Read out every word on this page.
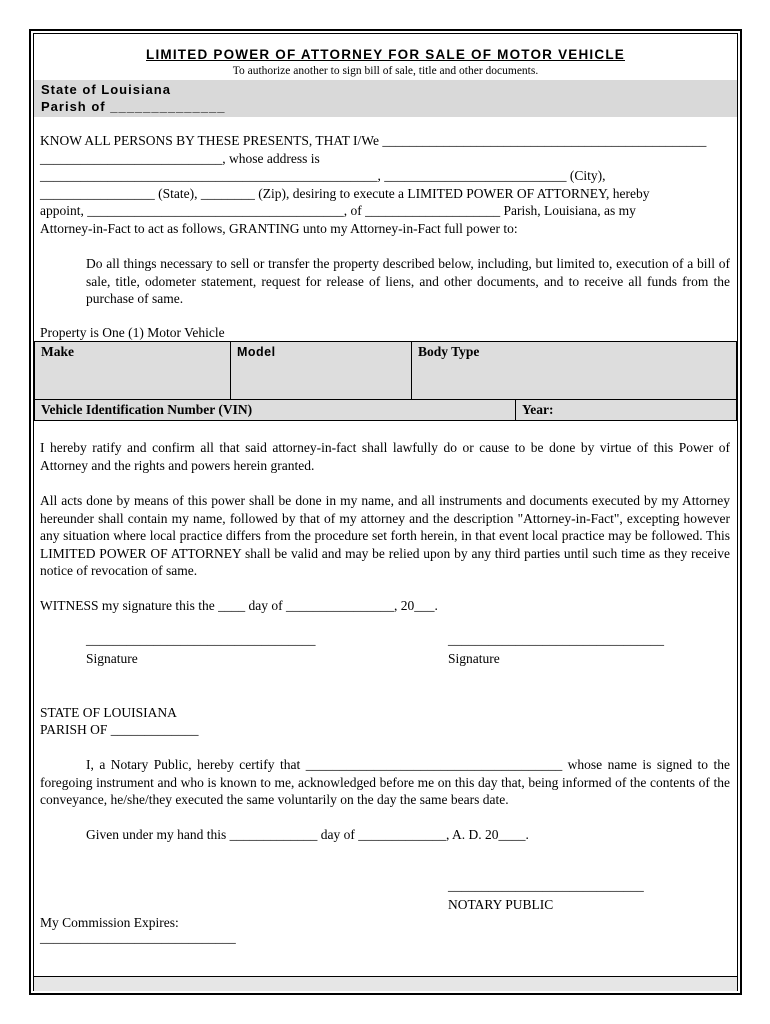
LIMITED POWER OF ATTORNEY FOR SALE OF MOTOR VEHICLE
To authorize another to sign bill of sale, title and other documents.
State of Louisiana
Parish of ______________
KNOW ALL PERSONS BY THESE PRESENTS, THAT I/We ________________________________________________
___________________________, whose address is
__________________________________________________, ___________________________ (City),
_________________ (State), ________ (Zip), desiring to execute a LIMITED POWER OF ATTORNEY, hereby
appoint, ______________________________________, of ____________________ Parish, Louisiana, as my
Attorney-in-Fact to act as follows, GRANTING unto my Attorney-in-Fact full power to:
Do all things necessary to sell or transfer the property described below, including, but limited to, execution of a bill of sale, title, odometer statement, request for release of liens, and other documents, and to receive all funds from the purchase of same.
Property is One (1) Motor Vehicle
Make	Model	Body Type	
Vehicle Identification Number (VIN)			Year:
I hereby ratify and confirm all that said attorney-in-fact shall lawfully do or cause to be done by virtue of this Power of Attorney and the rights and powers herein granted.
All acts done by means of this power shall be done in my name, and all instruments and documents executed by my Attorney hereunder shall contain my name, followed by that of my attorney and the description "Attorney-in-Fact", excepting however any situation where local practice differs from the procedure set forth herein, in that event local practice may be followed. This LIMITED POWER OF ATTORNEY shall be valid and may be relied upon by any third parties until such time as they receive notice of revocation of same.
WITNESS my signature this the ____ day of ________________, 20___.
__________________________________
Signature
________________________________
Signature
STATE OF LOUISIANA
PARISH OF _____________
I, a Notary Public, hereby certify that ______________________________________ whose name is signed to the foregoing instrument and who is known to me, acknowledged before me on this day that, being informed of the contents of the conveyance, he/she/they executed the same voluntarily on the day the same bears date.
Given under my hand this _____________ day of _____________, A. D. 20____.
_____________________________
NOTARY PUBLIC
My Commission Expires:
_____________________________
